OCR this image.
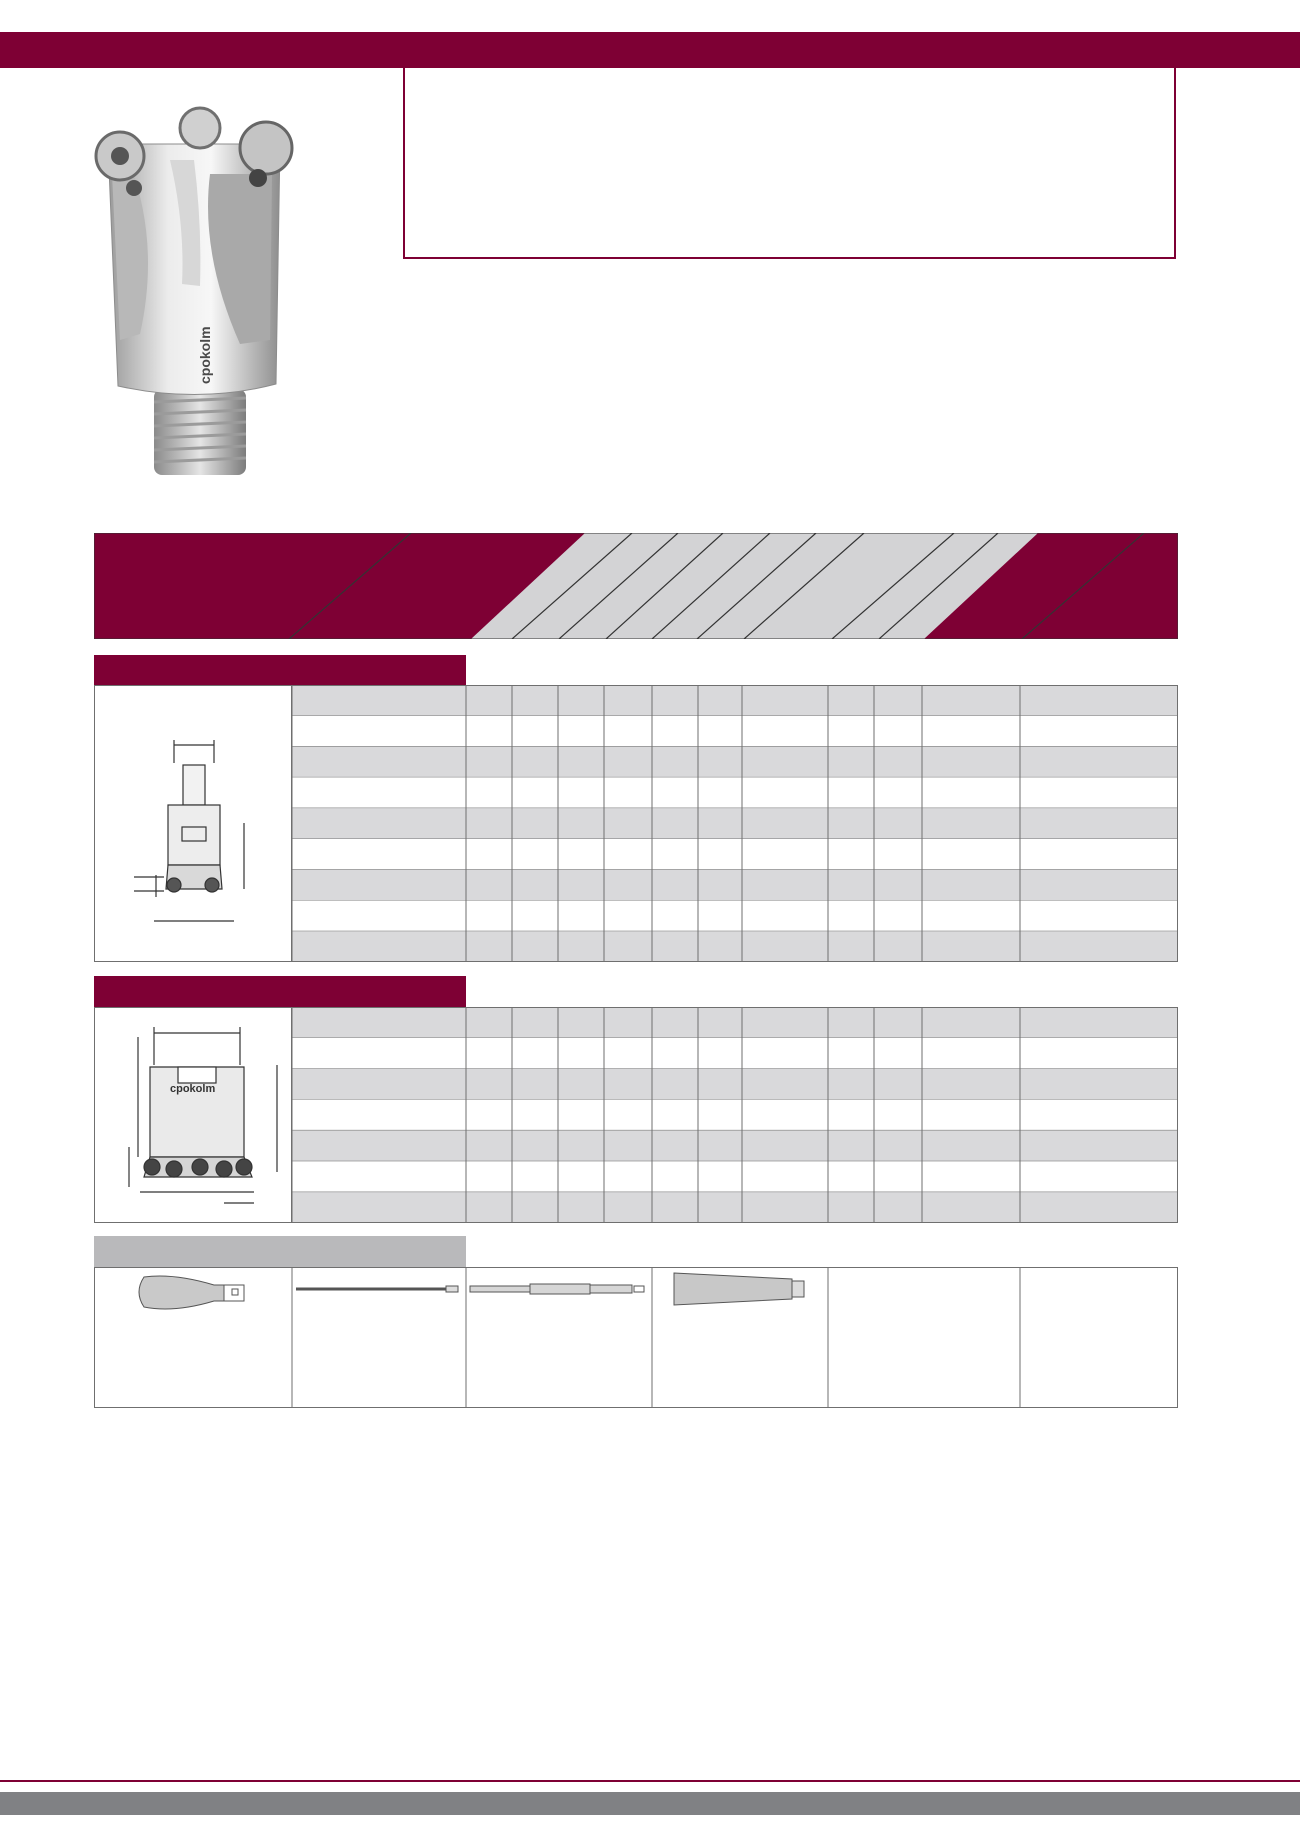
cpokolm
cpokolm
